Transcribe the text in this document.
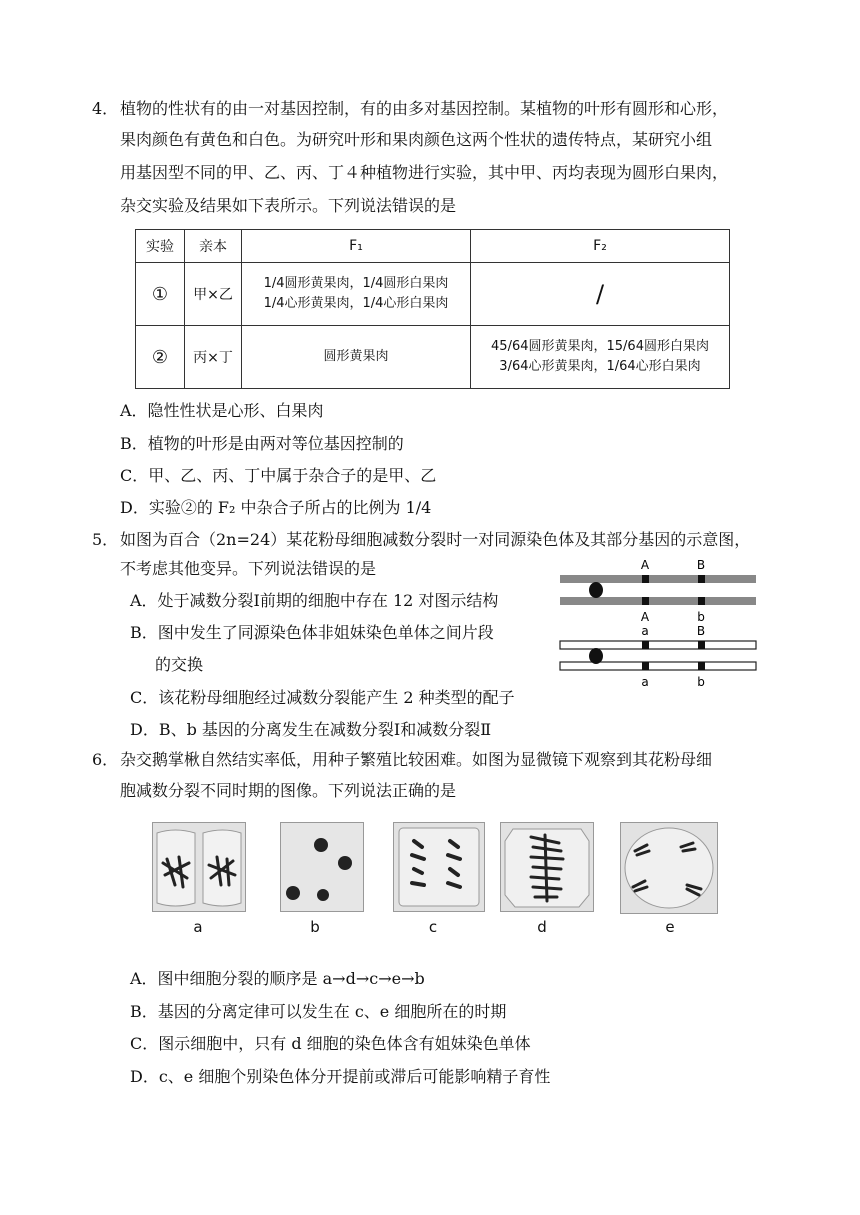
4． 植物的性状有的由一对基因控制，有的由多对基因控制。某植物的叶形有圆形和心形，
果肉颜色有黄色和白色。为研究叶形和果肉颜色这两个性状的遗传特点，某研究小组
用基因型不同的甲、乙、丙、丁４种植物进行实验，其中甲、丙均表现为圆形白果肉，
杂交实验及结果如下表所示。下列说法错误的是
实验	亲本	F₁	F₂
①	甲×乙	1/4圆形黄果肉，1/4圆形白果肉
1/4心形黄果肉，1/4心形白果肉	/
②	丙×丁	圆形黄果肉	45/64圆形黄果肉，15/64圆形白果肉
3/64心形黄果肉，1/64心形白果肉
A．隐性性状是心形、白果肉
B．植物的叶形是由两对等位基因控制的
C．甲、乙、丙、丁中属于杂合子的是甲、乙
D．实验②的 F₂ 中杂合子所占的比例为 1/4
5． 如图为百合（2n=24）某花粉母细胞减数分裂时一对同源染色体及其部分基因的示意图，
不考虑其他变异。下列说法错误的是
A．处于减数分裂Ⅰ前期的细胞中存在 12 对图示结构
B．图中发生了同源染色体非姐妹染色单体之间片段
的交换
C．该花粉母细胞经过减数分裂能产生 2 种类型的配子
D．B、b 基因的分离发生在减数分裂Ⅰ和减数分裂Ⅱ
A	B
A	b
a	B
a	b
6． 杂交鹅掌楸自然结实率低，用种子繁殖比较困难。如图为显微镜下观察到其花粉母细
胞减数分裂不同时期的图像。下列说法正确的是
a	b	c	d	e
A．图中细胞分裂的顺序是 a→d→c→e→b
B．基因的分离定律可以发生在 c、e 细胞所在的时期
C．图示细胞中，只有 d 细胞的染色体含有姐妹染色单体
D．c、e 细胞个别染色体分开提前或滞后可能影响精子育性
